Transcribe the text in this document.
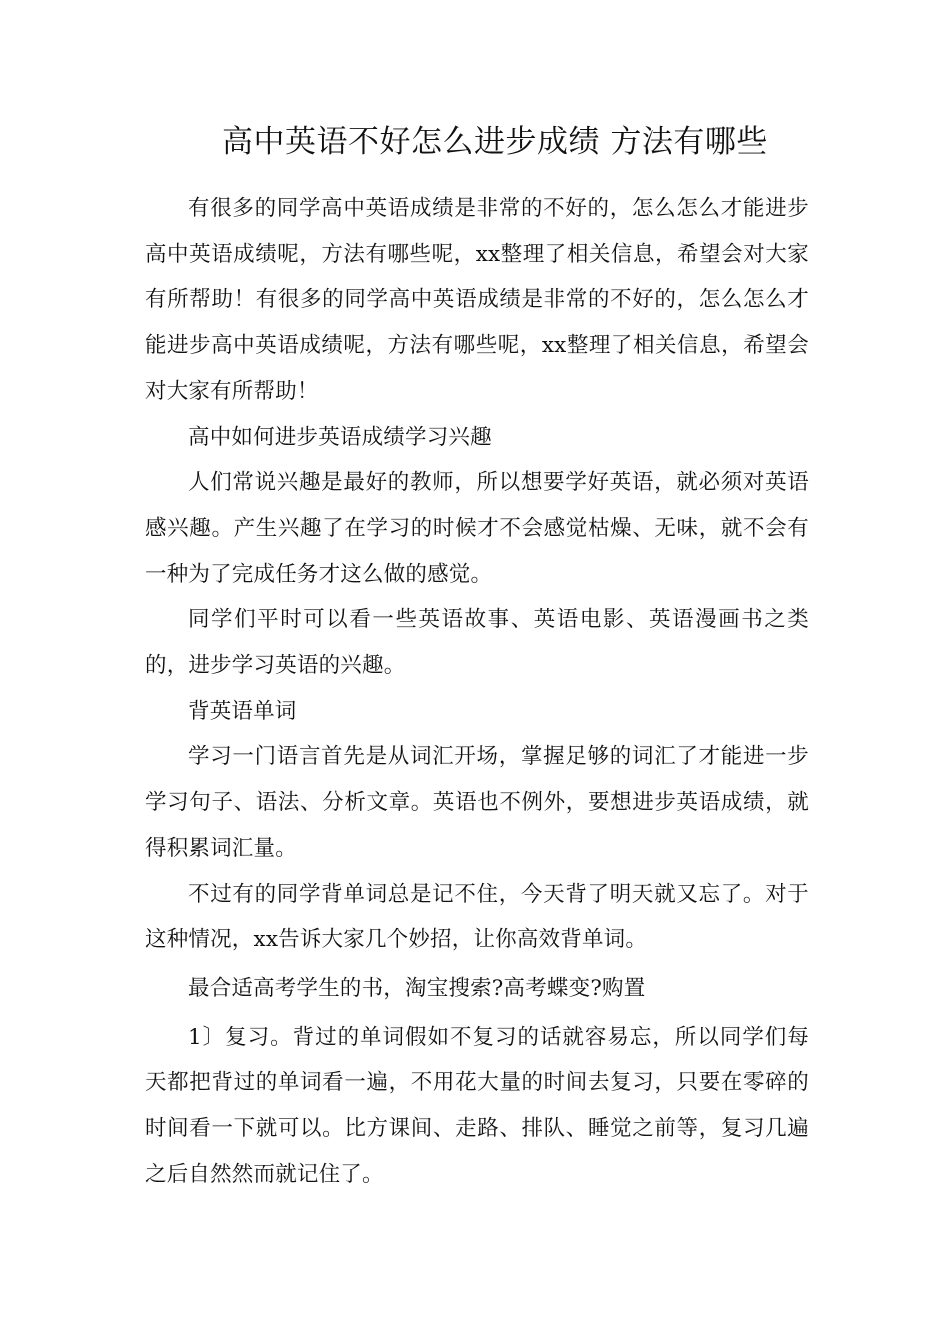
高中英语不好怎么进步成绩 方法有哪些

有很多的同学高中英语成绩是非常的不好的，怎么怎么才能进步高中英语成绩呢，方法有哪些呢，xx整理了相关信息，希望会对大家有所帮助！有很多的同学高中英语成绩是非常的不好的，怎么怎么才能进步高中英语成绩呢，方法有哪些呢，xx整理了相关信息，希望会对大家有所帮助！

高中如何进步英语成绩学习兴趣

人们常说兴趣是最好的教师，所以想要学好英语，就必须对英语感兴趣。产生兴趣了在学习的时候才不会感觉枯燥、无味，就不会有一种为了完成任务才这么做的感觉。

同学们平时可以看一些英语故事、英语电影、英语漫画书之类的，进步学习英语的兴趣。

背英语单词

学习一门语言首先是从词汇开场，掌握足够的词汇了才能进一步学习句子、语法、分析文章。英语也不例外，要想进步英语成绩，就得积累词汇量。

不过有的同学背单词总是记不住，今天背了明天就又忘了。对于这种情况，xx告诉大家几个妙招，让你高效背单词。

最合适高考学生的书，淘宝搜索?高考蝶变?购置

1〕复习。背过的单词假如不复习的话就容易忘，所以同学们每天都把背过的单词看一遍，不用花大量的时间去复习，只要在零碎的时间看一下就可以。比方课间、走路、排队、睡觉之前等，复习几遍之后自然然而就记住了。
